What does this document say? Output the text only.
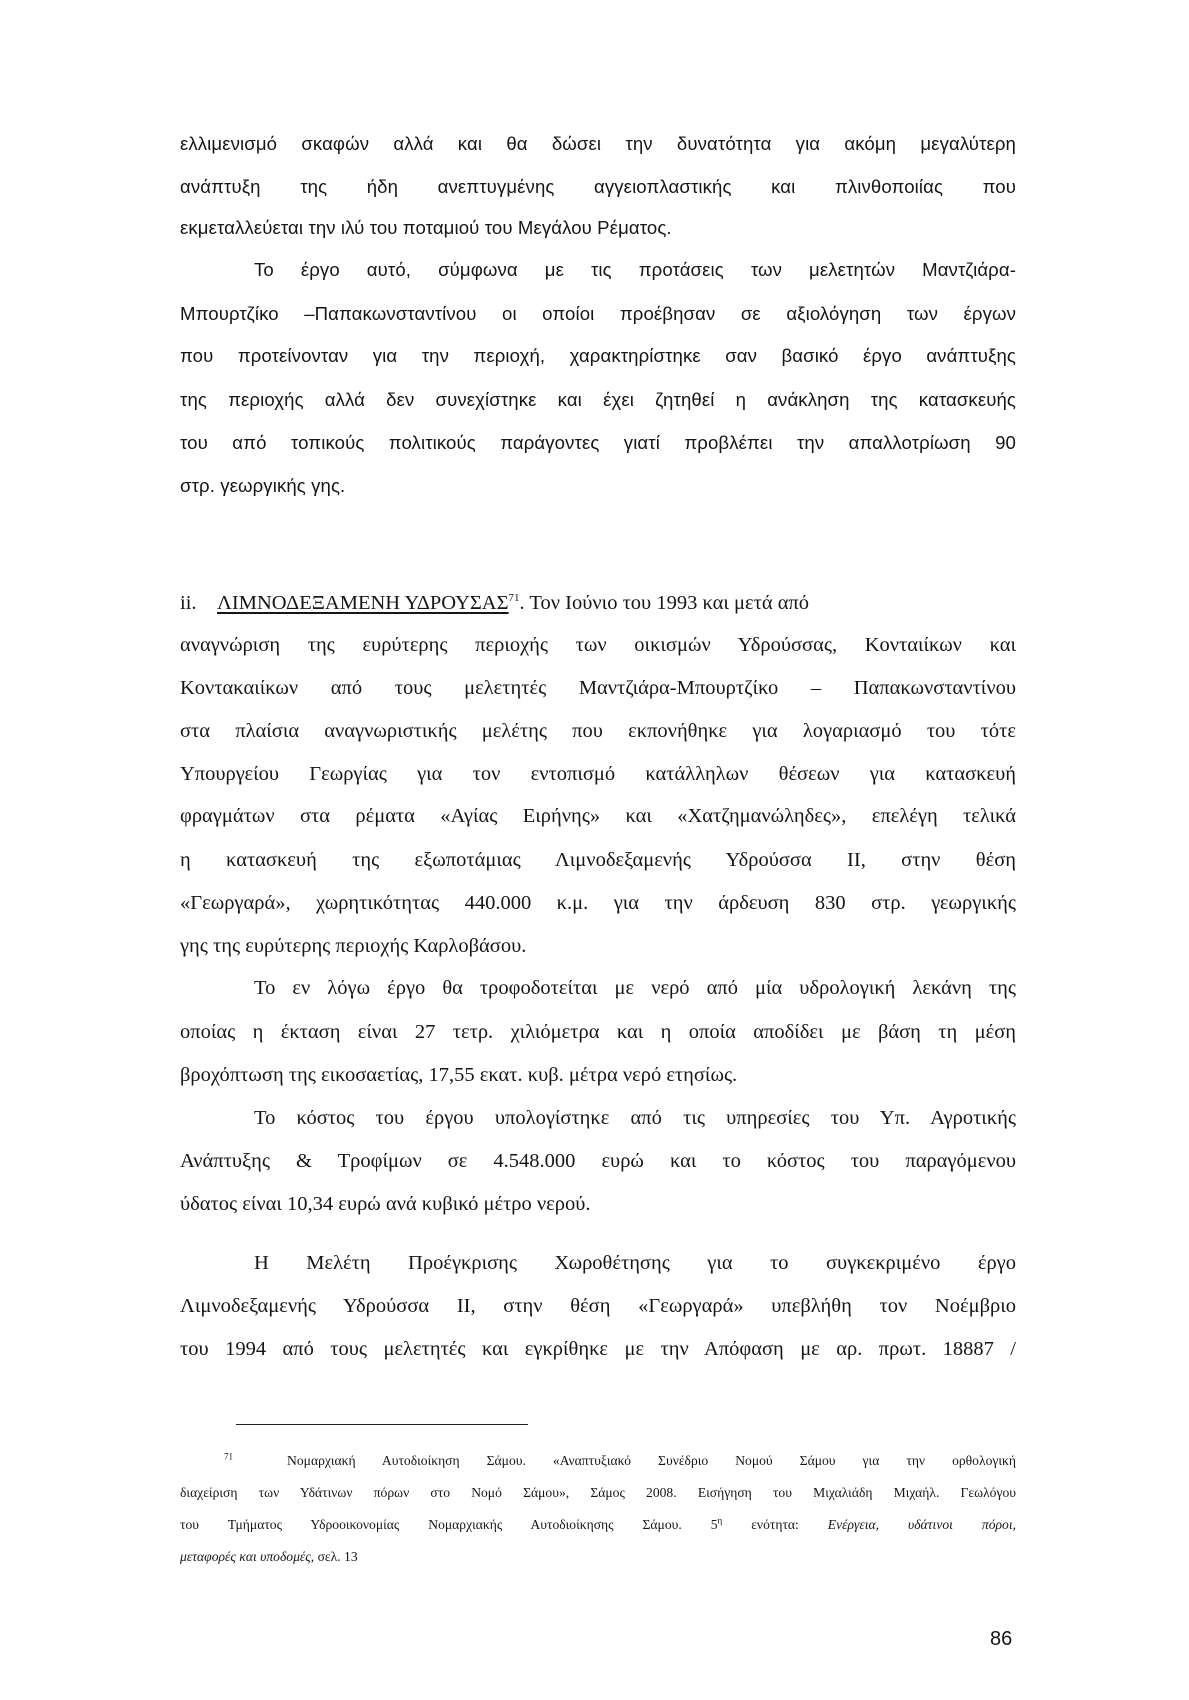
ελλιμενισμό σκαφών αλλά και θα δώσει την δυνατότητα για ακόμη μεγαλύτερη

ανάπτυξη της ήδη ανεπτυγμένης αγγειοπλαστικής και πλινθοποιίας που

εκμεταλλεύεται την ιλύ του ποταμιού του Μεγάλου Ρέματος.

Το έργο αυτό, σύμφωνα με τις προτάσεις των μελετητών Μαντζιάρα-

Μπουρτζίκο –Παπακωνσταντίνου οι οποίοι προέβησαν σε αξιολόγηση των έργων

που προτείνονταν για την περιοχή, χαρακτηρίστηκε σαν βασικό έργο ανάπτυξης

της περιοχής αλλά δεν συνεχίστηκε και έχει ζητηθεί η ανάκληση της κατασκευής

του από τοπικούς πολιτικούς παράγοντες γιατί προβλέπει την απαλλοτρίωση 90

στρ. γεωργικής γης.

ii. ΛΙΜΝΟΔΕΞΑΜΕΝΗ ΥΔΡΟΥΣΑΣ$^{71}$. Τον Ιούνιο του 1993 και μετά από

αναγνώριση της ευρύτερης περιοχής των οικισμών Υδρούσσας, Κονταιίκων και

Κοντακαιίκων από τους μελετητές Μαντζιάρα-Μπουρτζίκο – Παπακωνσταντίνου

στα πλαίσια αναγνωριστικής μελέτης που εκπονήθηκε για λογαριασμό του τότε

Υπουργείου Γεωργίας για τον εντοπισμό κατάλληλων θέσεων για κατασκευή

φραγμάτων στα ρέματα «Αγίας Ειρήνης» και «Χατζημανώληδες», επελέγη τελικά

η κατασκευή της εξωποτάμιας Λιμνοδεξαμενής Υδρούσσα ΙΙ, στην θέση

«Γεωργαρά», χωρητικότητας 440.000 κ.μ. για την άρδευση 830 στρ. γεωργικής

γης της ευρύτερης περιοχής Καρλοβάσου.

Το εν λόγω έργο θα τροφοδοτείται με νερό από μία υδρολογική λεκάνη της

οποίας η έκταση είναι 27 τετρ. χιλιόμετρα και η οποία αποδίδει με βάση τη μέση

βροχόπτωση της εικοσαετίας, 17,55 εκατ. κυβ. μέτρα νερό ετησίως.

Το κόστος του έργου υπολογίστηκε από τις υπηρεσίες του Υπ. Αγροτικής

Ανάπτυξης & Τροφίμων σε 4.548.000 ευρώ και το κόστος του παραγόμενου

ύδατος είναι 10,34 ευρώ ανά κυβικό μέτρο νερού.

Η Μελέτη Προέγκρισης Χωροθέτησης για το συγκεκριμένο έργο

Λιμνοδεξαμενής Υδρούσσα ΙΙ, στην θέση «Γεωργαρά» υπεβλήθη τον Νοέμβριο

του 1994 από τους μελετητές και εγκρίθηκε με την Απόφαση με αρ. πρωτ. 18887 /

$^{71}$	Νομαρχιακή Αυτοδιοίκηση Σάμου. «Αναπτυξιακό Συνέδριο Νομού Σάμου για την ορθολογική
διαχείριση των Υδάτινων πόρων στο Νομό Σάμου», Σάμος 2008. Εισήγηση του Μιχαλιάδη Μιχαήλ. Γεωλόγου
του Τμήματος Υδροοικονομίας Νομαρχιακής Αυτοδιοίκησης Σάμου. 5$^\eta$ ενότητα: Ενέργεια, υδάτινοι πόροι,
μεταφορές και υποδομές, σελ. 13
86
